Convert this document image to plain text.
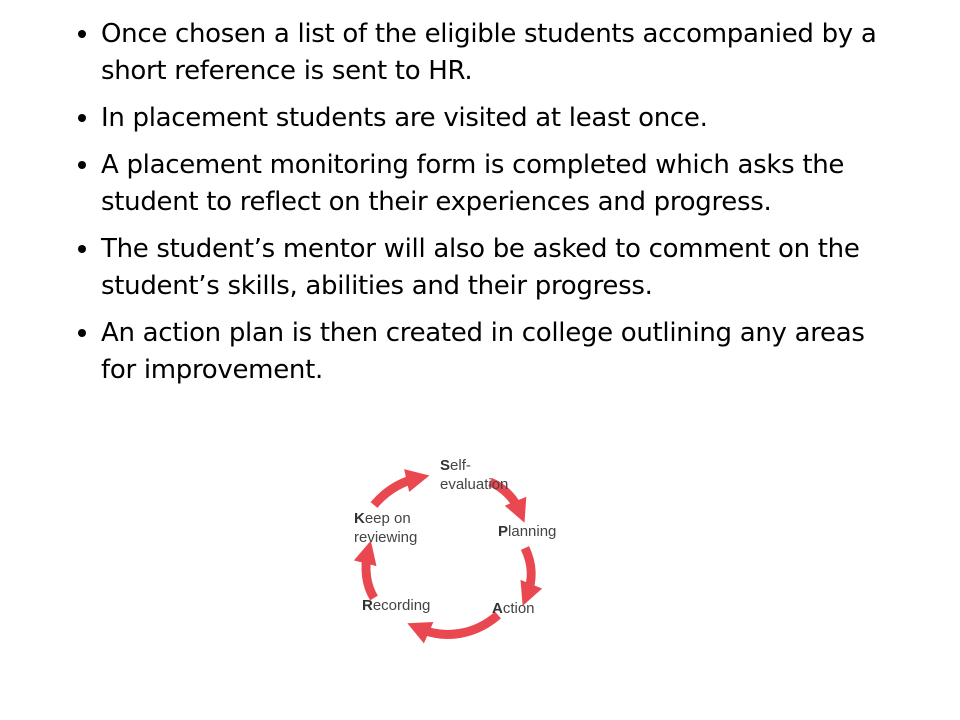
Once chosen a list of the eligible students accompanied by a short reference is sent to HR.
In placement students are visited at least once.
A placement monitoring form is completed which asks the student to reflect on their experiences and progress.
The student’s mentor will also be asked to comment on the student’s skills, abilities and their progress.
An action plan is then created in college outlining any areas for improvement.
Self-
evaluation
Planning
Action
Recording
Keep on
reviewing
